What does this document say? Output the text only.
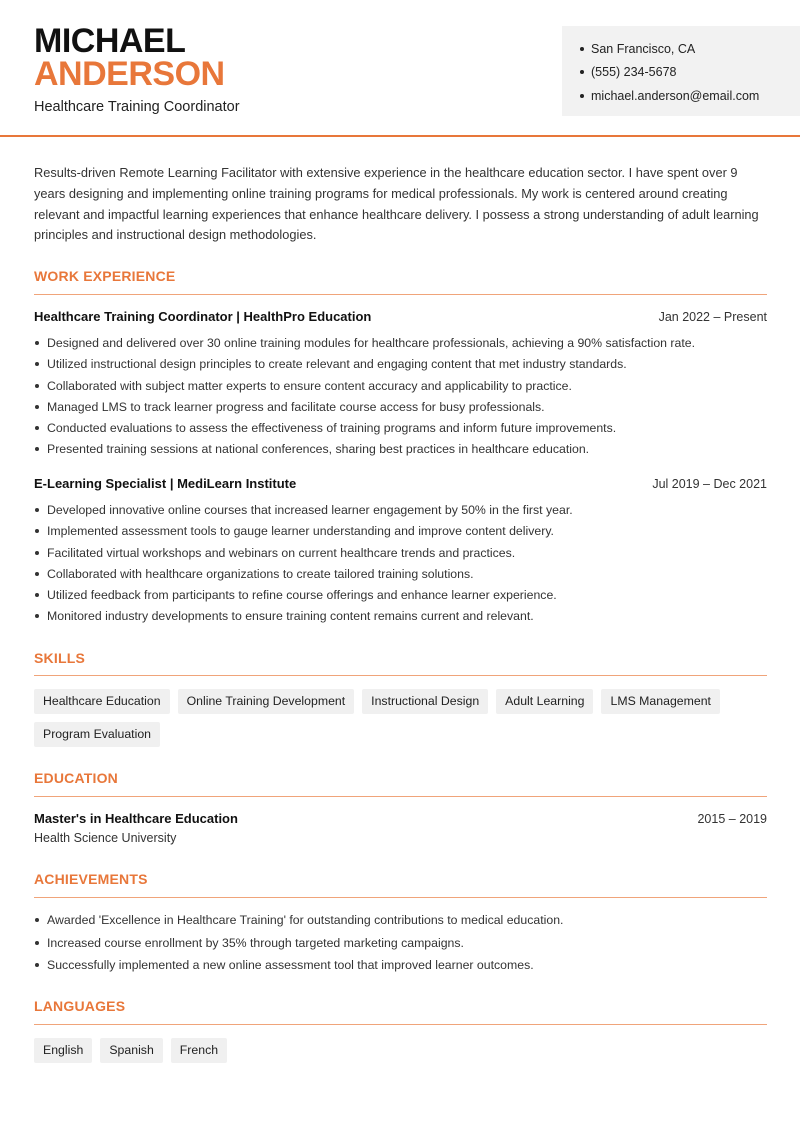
MICHAEL
ANDERSON
Healthcare Training Coordinator
San Francisco, CA
(555) 234-5678
michael.anderson@email.com

Results-driven Remote Learning Facilitator with extensive experience in the healthcare education sector. I have spent over 9 years designing and implementing online training programs for medical professionals. My work is centered around creating relevant and impactful learning experiences that enhance healthcare delivery. I possess a strong understanding of adult learning principles and instructional design methodologies.

WORK EXPERIENCE
Healthcare Training Coordinator | HealthPro Education	Jan 2022 – Present
Designed and delivered over 30 online training modules for healthcare professionals, achieving a 90% satisfaction rate.
Utilized instructional design principles to create relevant and engaging content that met industry standards.
Collaborated with subject matter experts to ensure content accuracy and applicability to practice.
Managed LMS to track learner progress and facilitate course access for busy professionals.
Conducted evaluations to assess the effectiveness of training programs and inform future improvements.
Presented training sessions at national conferences, sharing best practices in healthcare education.
E-Learning Specialist | MediLearn Institute	Jul 2019 – Dec 2021
Developed innovative online courses that increased learner engagement by 50% in the first year.
Implemented assessment tools to gauge learner understanding and improve content delivery.
Facilitated virtual workshops and webinars on current healthcare trends and practices.
Collaborated with healthcare organizations to create tailored training solutions.
Utilized feedback from participants to refine course offerings and enhance learner experience.
Monitored industry developments to ensure training content remains current and relevant.
SKILLS
Healthcare Education	Online Training Development	Instructional Design	Adult Learning	LMS Management
Program Evaluation
EDUCATION
Master's in Healthcare Education	2015 – 2019
Health Science University
ACHIEVEMENTS
Awarded 'Excellence in Healthcare Training' for outstanding contributions to medical education.
Increased course enrollment by 35% through targeted marketing campaigns.
Successfully implemented a new online assessment tool that improved learner outcomes.
LANGUAGES
English	Spanish	French
